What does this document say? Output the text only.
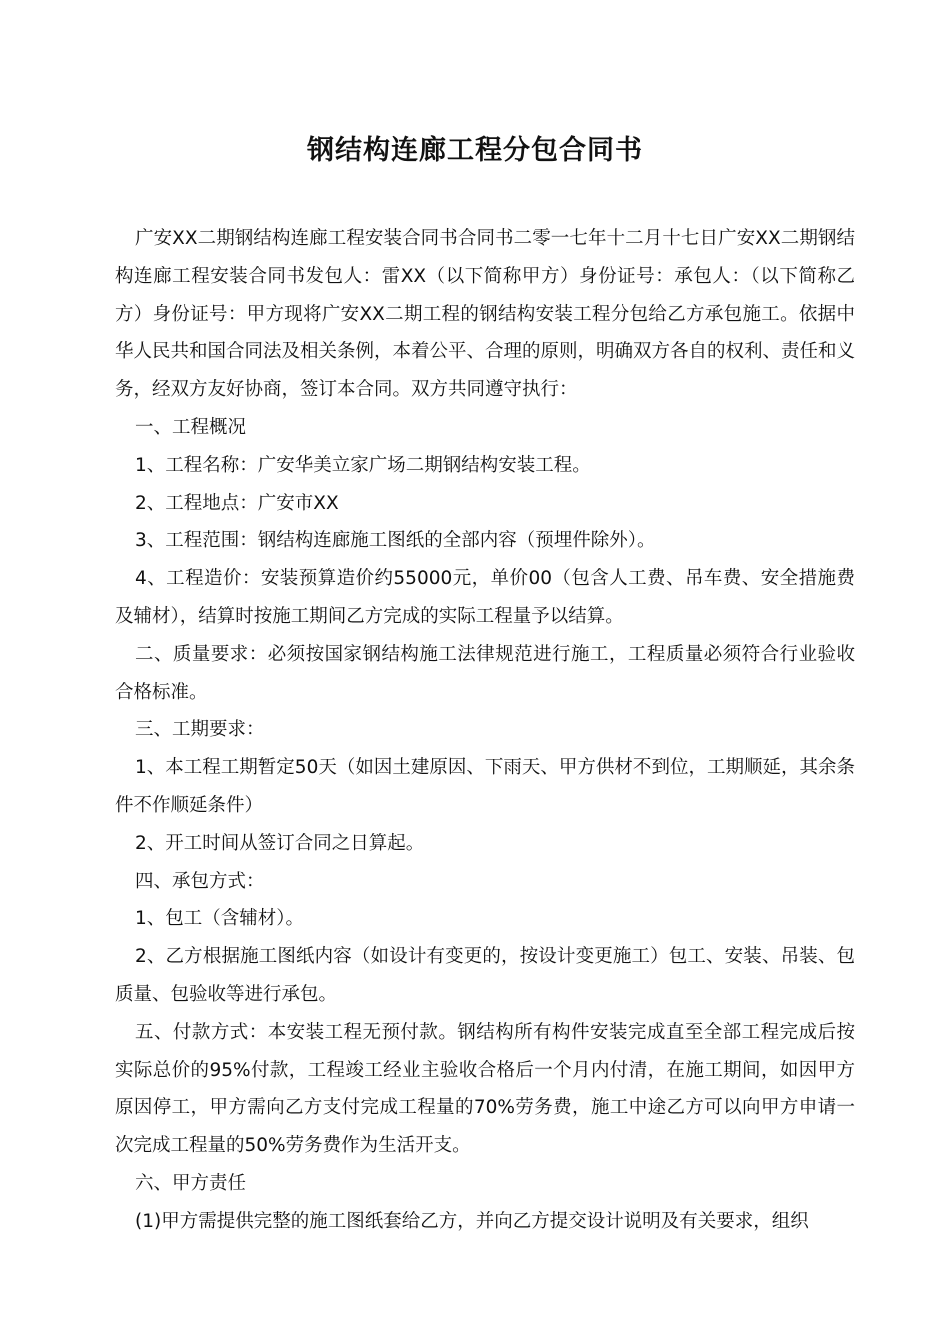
钢结构连廊工程分包合同书

广安XX二期钢结构连廊工程安装合同书合同书二零一七年十二月十七日广安XX二期钢结构连廊工程安装合同书发包人：雷XX（以下简称甲方）身份证号：承包人：（以下简称乙方）身份证号：甲方现将广安XX二期工程的钢结构安装工程分包给乙方承包施工。依据中华人民共和国合同法及相关条例，本着公平、合理的原则，明确双方各自的权利、责任和义务，经双方友好协商，签订本合同。双方共同遵守执行：

一、工程概况

1、工程名称：广安华美立家广场二期钢结构安装工程。

2、工程地点：广安市XX

3、工程范围：钢结构连廊施工图纸的全部内容（预埋件除外）。

4、工程造价：安装预算造价约55000元，单价00（包含人工费、吊车费、安全措施费及辅材），结算时按施工期间乙方完成的实际工程量予以结算。

二、质量要求：必须按国家钢结构施工法律规范进行施工，工程质量必须符合行业验收合格标准。

三、工期要求：

1、本工程工期暂定50天（如因土建原因、下雨天、甲方供材不到位，工期顺延，其余条件不作顺延条件）

2、开工时间从签订合同之日算起。

四、承包方式：

1、包工（含辅材）。

2、乙方根据施工图纸内容（如设计有变更的，按设计变更施工）包工、安装、吊装、包质量、包验收等进行承包。

五、付款方式：本安装工程无预付款。钢结构所有构件安装完成直至全部工程完成后按实际总价的95%付款，工程竣工经业主验收合格后一个月内付清，在施工期间，如因甲方原因停工，甲方需向乙方支付完成工程量的70%劳务费，施工中途乙方可以向甲方申请一次完成工程量的50%劳务费作为生活开支。

六、甲方责任

(1)甲方需提供完整的施工图纸套给乙方，并向乙方提交设计说明及有关要求，组织
